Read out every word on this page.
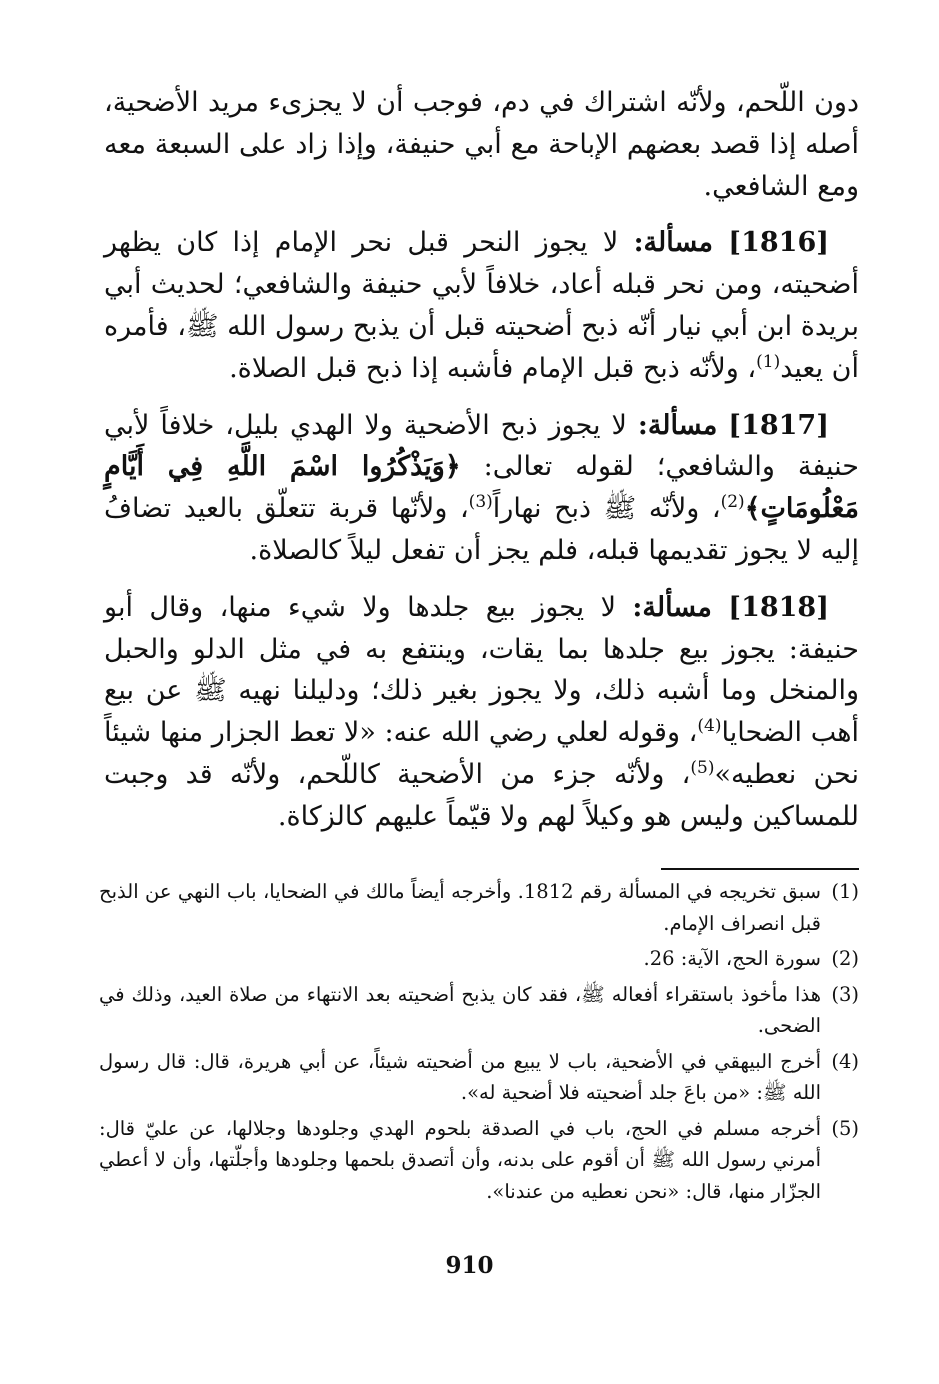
دون اللّحم، ولأنّه اشتراك في دم، فوجب أن لا يجزىء مريد الأضحية، أصله إذا قصد بعضهم الإباحة مع أبي حنيفة، وإذا زاد على السبعة معه ومع الشافعي.

[1816] مسألة: لا يجوز النحر قبل نحر الإمام إذا كان يظهر أضحيته، ومن نحر قبله أعاد، خلافاً لأبي حنيفة والشافعي؛ لحديث أبي بريدة ابن أبي نيار أنّه ذبح أضحيته قبل أن يذبح رسول الله ﷺ، فأمره أن يعيد$^{(1)}$، ولأنّه ذبح قبل الإمام فأشبه إذا ذبح قبل الصلاة.

[1817] مسألة: لا يجوز ذبح الأضحية ولا الهدي بليل، خلافاً لأبي حنيفة والشافعي؛ لقوله تعالى: ﴿وَيَذْكُرُوا اسْمَ اللَّهِ فِي أَيَّامٍ مَعْلُومَاتٍ﴾$^{(2)}$، ولأنّه ﷺ ذبح نهاراً$^{(3)}$، ولأنّها قربة تتعلّق بالعيد تضافُ إليه لا يجوز تقديمها قبله، فلم يجز أن تفعل ليلاً كالصلاة.

[1818] مسألة: لا يجوز بيع جلدها ولا شيء منها، وقال أبو حنيفة: يجوز بيع جلدها بما يقات، وينتفع به في مثل الدلو والحبل والمنخل وما أشبه ذلك، ولا يجوز بغير ذلك؛ ودليلنا نهيه ﷺ عن بيع أهب الضحايا$^{(4)}$، وقوله لعلي رضي الله عنه: «لا تعط الجزار منها شيئاً نحن نعطيه»$^{(5)}$، ولأنّه جزء من الأضحية كاللّحم، ولأنّه قد وجبت للمساكين وليس هو وكيلاً لهم ولا قيّماً عليهم كالزكاة.

(1)
سبق تخريجه في المسألة رقم 1812. وأخرجه أيضاً مالك في الضحايا، باب النهي عن الذبح قبل انصراف الإمام.
(2)
سورة الحج، الآية: 26.
(3)
هذا مأخوذ باستقراء أفعاله ﷺ، فقد كان يذبح أضحيته بعد الانتهاء من صلاة العيد، وذلك في الضحى.
(4)
أخرج البيهقي في الأضحية، باب لا يبيع من أضحيته شيئاً، عن أبي هريرة، قال: قال رسول الله ﷺ: «من باعَ جلد أضحيته فلا أضحية له».
(5)
أخرجه مسلم في الحج، باب في الصدقة بلحوم الهدي وجلودها وجلالها، عن عليّ قال: أمرني رسول الله ﷺ أن أقوم على بدنه، وأن أتصدق بلحمها وجلودها وأجلّتها، وأن لا أعطي الجزّار منها، قال: «نحن نعطيه من عندنا».
910
